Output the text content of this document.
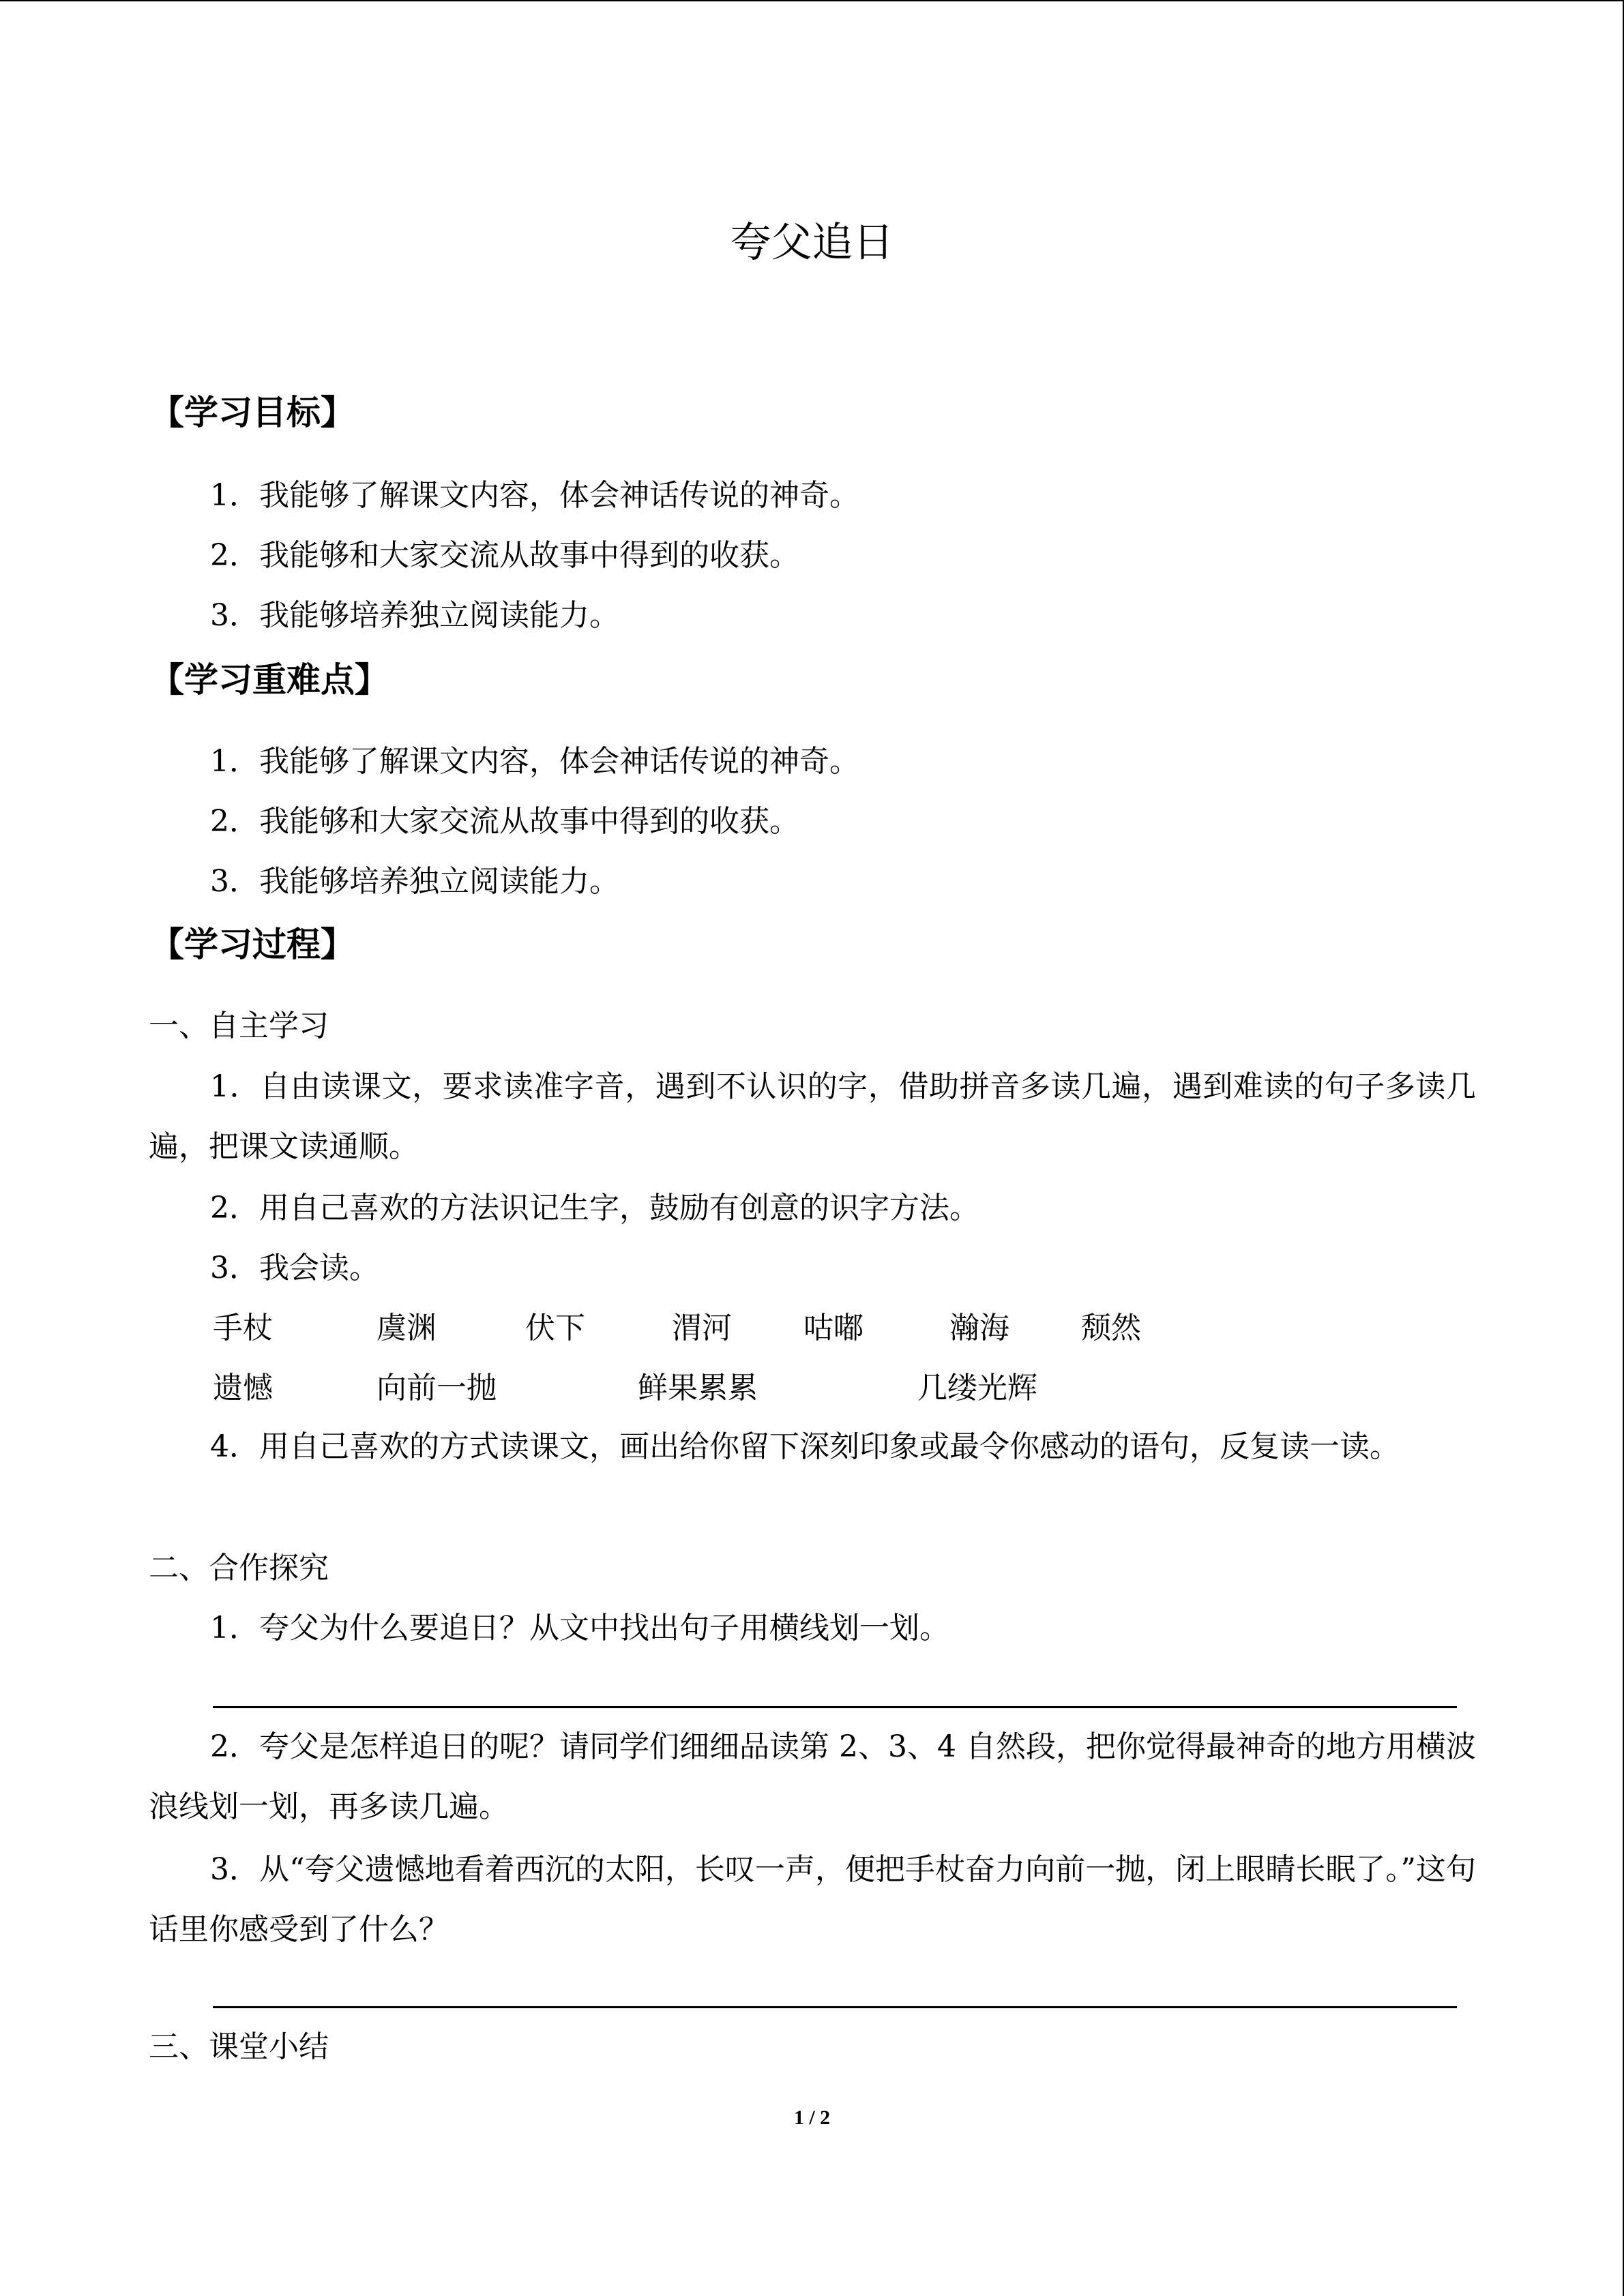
夸父追日
【学习目标】
1．我能够了解课文内容，体会神话传说的神奇。
2．我能够和大家交流从故事中得到的收获。
3．我能够培养独立阅读能力。
【学习重难点】
1．我能够了解课文内容，体会神话传说的神奇。
2．我能够和大家交流从故事中得到的收获。
3．我能够培养独立阅读能力。
【学习过程】
一、自主学习
1．自由读课文，要求读准字音，遇到不认识的字，借助拼音多读几遍，遇到难读的句子多读几遍，把课文读通顺。
2．用自己喜欢的方法识记生字，鼓励有创意的识字方法。
3．我会读。
手杖	虞渊	伏下	渭河 咕嘟	瀚海 颓然
遗憾	向前一抛	鲜果累累	几缕光辉
4．用自己喜欢的方式读课文，画出给你留下深刻印象或最令你感动的语句，反复读一读。
二、合作探究
1．夸父为什么要追日？从文中找出句子用横线划一划。
2．夸父是怎样追日的呢？请同学们细细品读第 2、3、4 自然段，把你觉得最神奇的地方用横波浪线划一划，再多读几遍。
3．从“夸父遗憾地看着西沉的太阳，长叹一声，便把手杖奋力向前一抛，闭上眼睛长眠了。”这句话里你感受到了什么？
三、课堂小结
1 / 2
